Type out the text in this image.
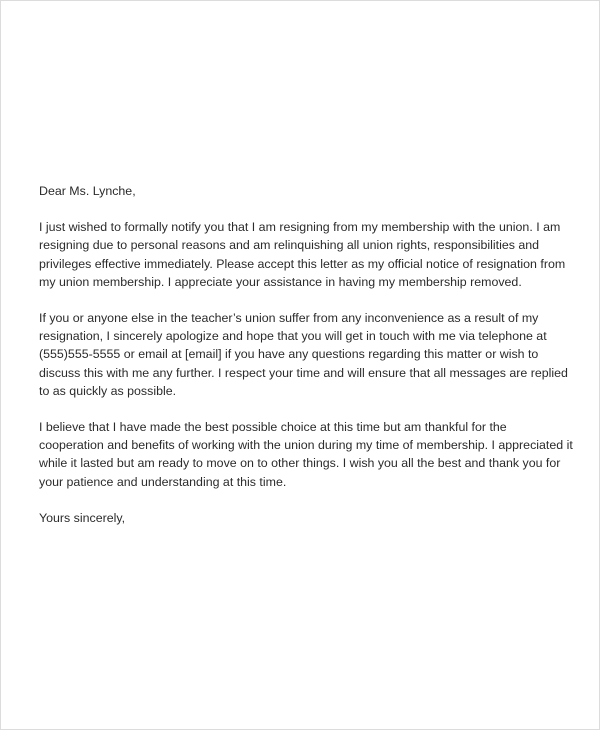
Dear Ms. Lynche,

I just wished to formally notify you that I am resigning from my membership with the union. I am resigning due to personal reasons and am relinquishing all union rights, responsibilities and privileges effective immediately. Please accept this letter as my official notice of resignation from my union membership. I appreciate your assistance in having my membership removed.

If you or anyone else in the teacher’s union suffer from any inconvenience as a result of my resignation, I sincerely apologize and hope that you will get in touch with me via telephone at (555)555-5555 or email at [email] if you have any questions regarding this matter or wish to discuss this with me any further. I respect your time and will ensure that all messages are replied to as quickly as possible.

I believe that I have made the best possible choice at this time but am thankful for the cooperation and benefits of working with the union during my time of membership. I appreciated it while it lasted but am ready to move on to other things. I wish you all the best and thank you for your patience and understanding at this time.

Yours sincerely,
